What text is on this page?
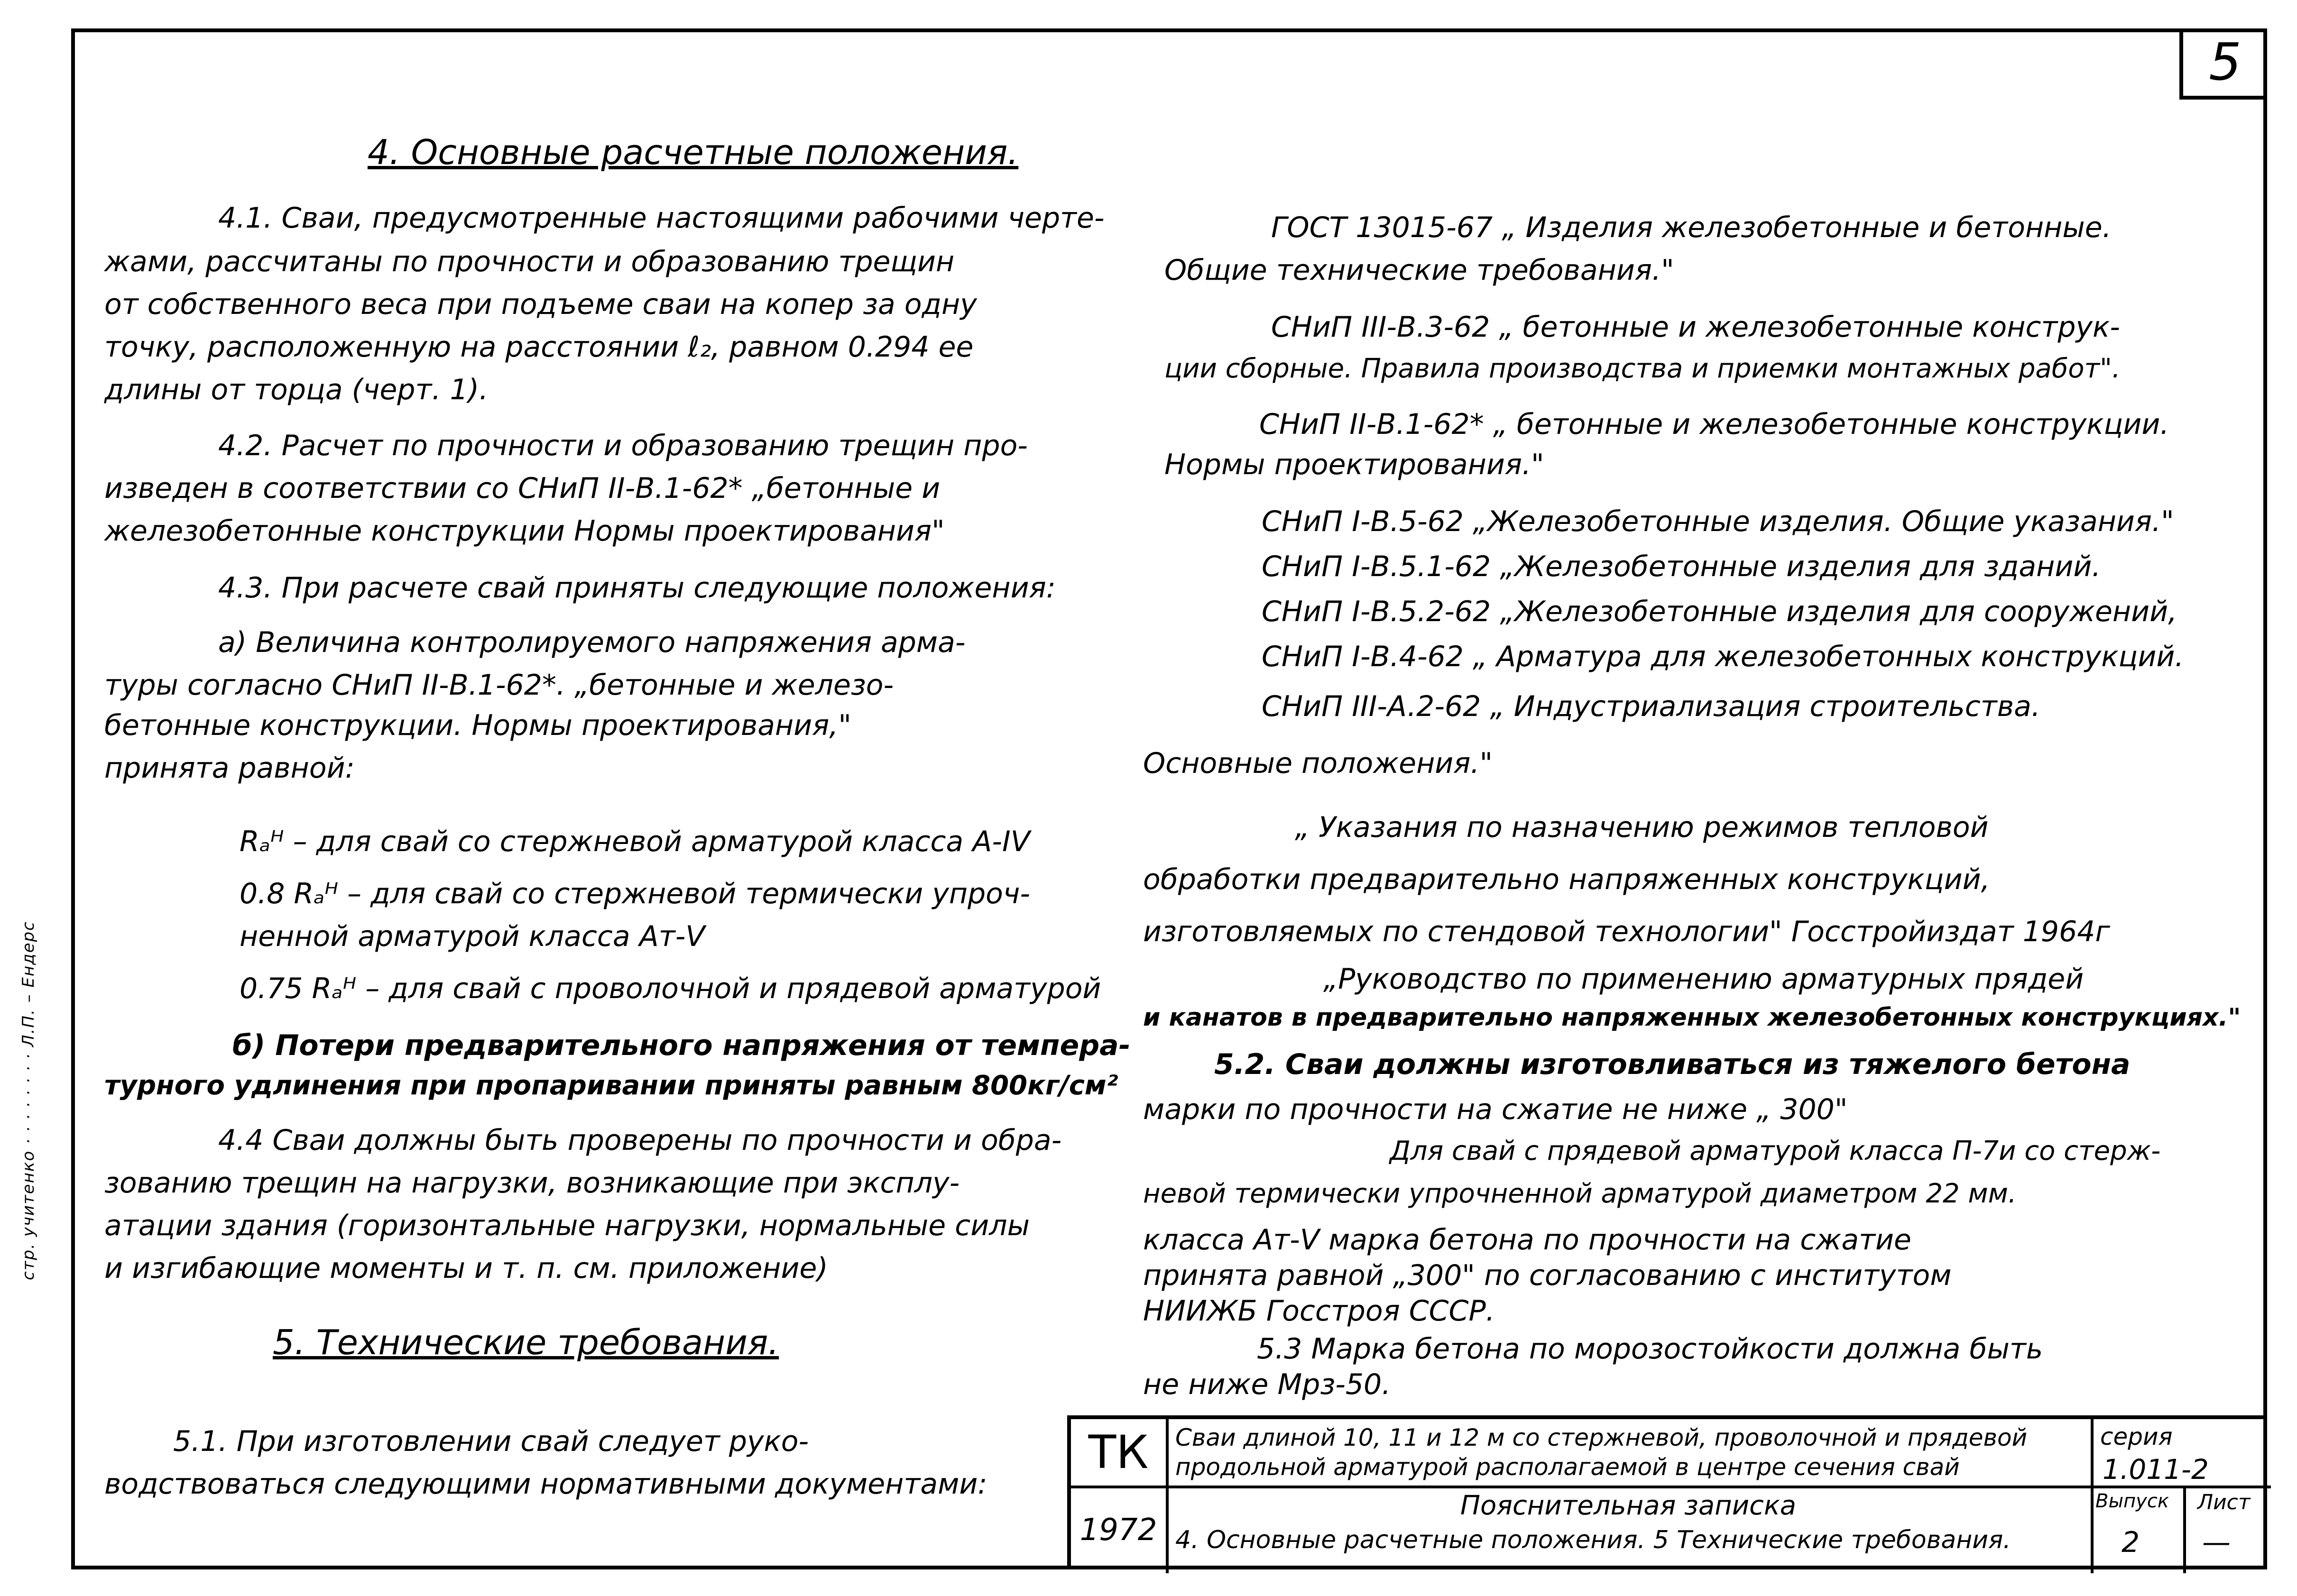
5
стр. учитенко · · · · · · · · Л.П. – Ендерс
4. Основные расчетные положения.
4.1. Сваи, предусмотренные настоящими рабочими черте-
жами, рассчитаны по прочности и образованию трещин
от собственного веса при подъеме сваи на копер за одну
точку, расположенную на расстоянии ℓ₂, равном 0.294 ее
длины от торца (черт. 1).
4.2. Расчет по прочности и образованию трещин про-
изведен в соответствии со СНиП II-B.1-62* „бетонные и
железобетонные конструкции Нормы проектирования"
4.3. При расчете свай приняты следующие положения:
а) Величина контролируемого напряжения арма-
туры согласно СНиП II-B.1-62*. „бетонные и железо-
бетонные конструкции. Нормы проектирования,"
принята равной:
Rₐᴴ – для свай со стержневой арматурой класса А-IV
0.8 Rₐᴴ – для свай со стержневой термически упроч-
ненной арматурой класса Ат-V
0.75 Rₐᴴ – для свай с проволочной и прядевой арматурой
б) Потери предварительного напряжения от темпера-
турного удлинения при пропаривании приняты равным 800кг/см²
4.4 Сваи должны быть проверены по прочности и обра-
зованию трещин на нагрузки, возникающие при эксплу-
атации здания (горизонтальные нагрузки, нормальные силы
и изгибающие моменты и т. п. см. приложение)
5. Технические требования.
5.1. При изготовлении свай следует руко-
водствоваться следующими нормативными документами:
ГОСТ 13015-67 „ Изделия железобетонные и бетонные.
Общие технические требования."
СНиП III-B.3-62 „ бетонные и железобетонные конструк-
ции сборные. Правила производства и приемки монтажных работ".
СНиП II-B.1-62* „ бетонные и железобетонные конструкции.
Нормы проектирования."
СНиП I-B.5-62 „Железобетонные изделия. Общие указания."
СНиП I-B.5.1-62 „Железобетонные изделия для зданий.
СНиП I-B.5.2-62 „Железобетонные изделия для сооружений,
СНиП I-B.4-62 „ Арматура для железобетонных конструкций.
СНиП III-A.2-62 „ Индустриализация строительства.
Основные положения."
„ Указания по назначению режимов тепловой
обработки предварительно напряженных конструкций,
изготовляемых по стендовой технологии" Госстройиздат 1964г
„Руководство по применению арматурных прядей
и канатов в предварительно напряженных железобетонных конструкциях."
5.2. Сваи должны изготовливаться из тяжелого бетона
марки по прочности на сжатие не ниже „ 300"
Для свай с прядевой арматурой класса П-7и со стерж-
невой термически упрочненной арматурой диаметром 22 мм.
класса Ат-V марка бетона по прочности на сжатие
принята равной „300" по согласованию с институтом
НИИЖБ Госстроя СССР.
5.3 Марка бетона по морозостойкости должна быть
не ниже Мрз-50.
ТК
1972
Сваи длиной 10, 11 и 12 м со стержневой, проволочной и прядевой
продольной арматурой располагаемой в центре сечения свай
Пояснительная записка
4. Основные расчетные положения. 5 Технические требования.
серия
1.011-2
Выпуск
2
Лист
—
